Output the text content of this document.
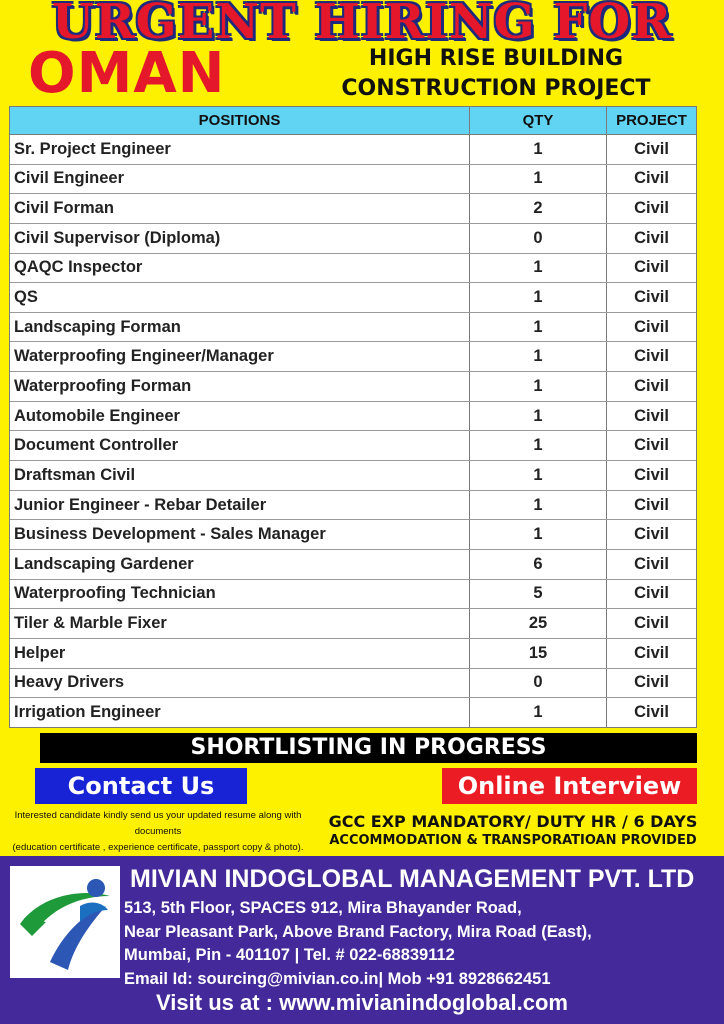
URGENT HIRING FOR
OMAN	HIGH RISE BUILDING
CONSTRUCTION PROJECT
POSITIONS	QTY	PROJECT
Sr. Project Engineer	1	Civil
Civil Engineer	1	Civil
Civil Forman	2	Civil
Civil Supervisor (Diploma)	0	Civil
QAQC Inspector	1	Civil
QS	1	Civil
Landscaping Forman	1	Civil
Waterproofing Engineer/Manager	1	Civil
Waterproofing Forman	1	Civil
Automobile Engineer	1	Civil
Document Controller	1	Civil
Draftsman Civil	1	Civil
Junior Engineer - Rebar Detailer	1	Civil
Business Development - Sales Manager	1	Civil
Landscaping Gardener	6	Civil
Waterproofing Technician	5	Civil
Tiler & Marble Fixer	25	Civil
Helper	15	Civil
Heavy Drivers	0	Civil
Irrigation Engineer	1	Civil
SHORTLISTING IN PROGRESS
Contact Us	Online Interview
Interested candidate kindly send us your updated resume along with documents
(education certificate , experience certificate, passport copy & photo).
GCC EXP MANDATORY/ DUTY HR / 6 DAYS
ACCOMMODATION & TRANSPORATIOAN PROVIDED
MIVIAN INDOGLOBAL MANAGEMENT PVT. LTD
513, 5th Floor, SPACES 912, Mira Bhayander Road,
Near Pleasant Park, Above Brand Factory, Mira Road (East),
Mumbai, Pin - 401107 | Tel. # 022-68839112
Email Id: sourcing@mivian.co.in| Mob +91 8928662451
Visit us at : www.mivianindoglobal.com
